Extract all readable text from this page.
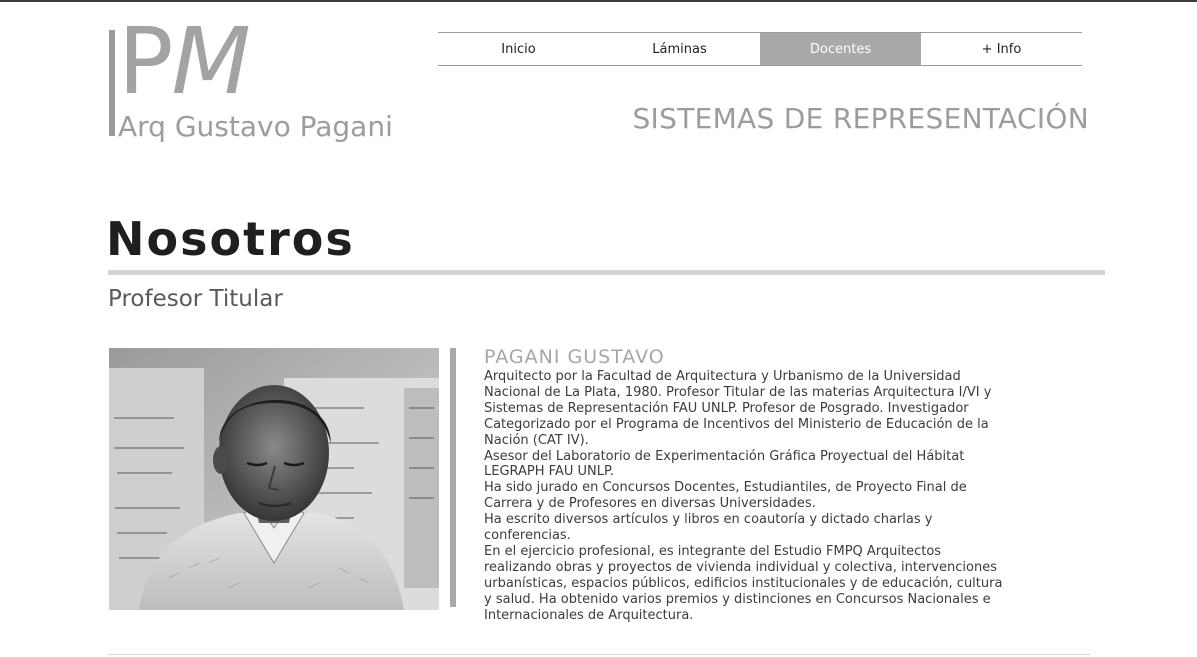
PM
Arq Gustavo Pagani
Inicio	Láminas	Docentes	+ Info
SISTEMAS DE REPRESENTACIÓN
Nosotros
Profesor Titular
PAGANI GUSTAVO

Arquitecto por la Facultad de Arquitectura y Urbanismo de la Universidad Nacional de La Plata, 1980. Profesor Titular de las materias Arquitectura I/VI y Sistemas de Representación FAU UNLP. Profesor de Posgrado. Investigador Categorizado por el Programa de Incentivos del Ministerio de Educación de la Nación (CAT IV).

Asesor del Laboratorio de Experimentación Gráfica Proyectual del Hábitat LEGRAPH FAU UNLP.

Ha sido jurado en Concursos Docentes, Estudiantiles, de Proyecto Final de Carrera y de Profesores en diversas Universidades.

Ha escrito diversos artículos y libros en coautoría y dictado charlas y conferencias.

En el ejercicio profesional, es integrante del Estudio FMPQ Arquitectos realizando obras y proyectos de vivienda individual y colectiva, intervenciones urbanísticas, espacios públicos, edificios institucionales y de educación, cultura y salud. Ha obtenido varios premios y distinciones en Concursos Nacionales e Internacionales de Arquitectura.
